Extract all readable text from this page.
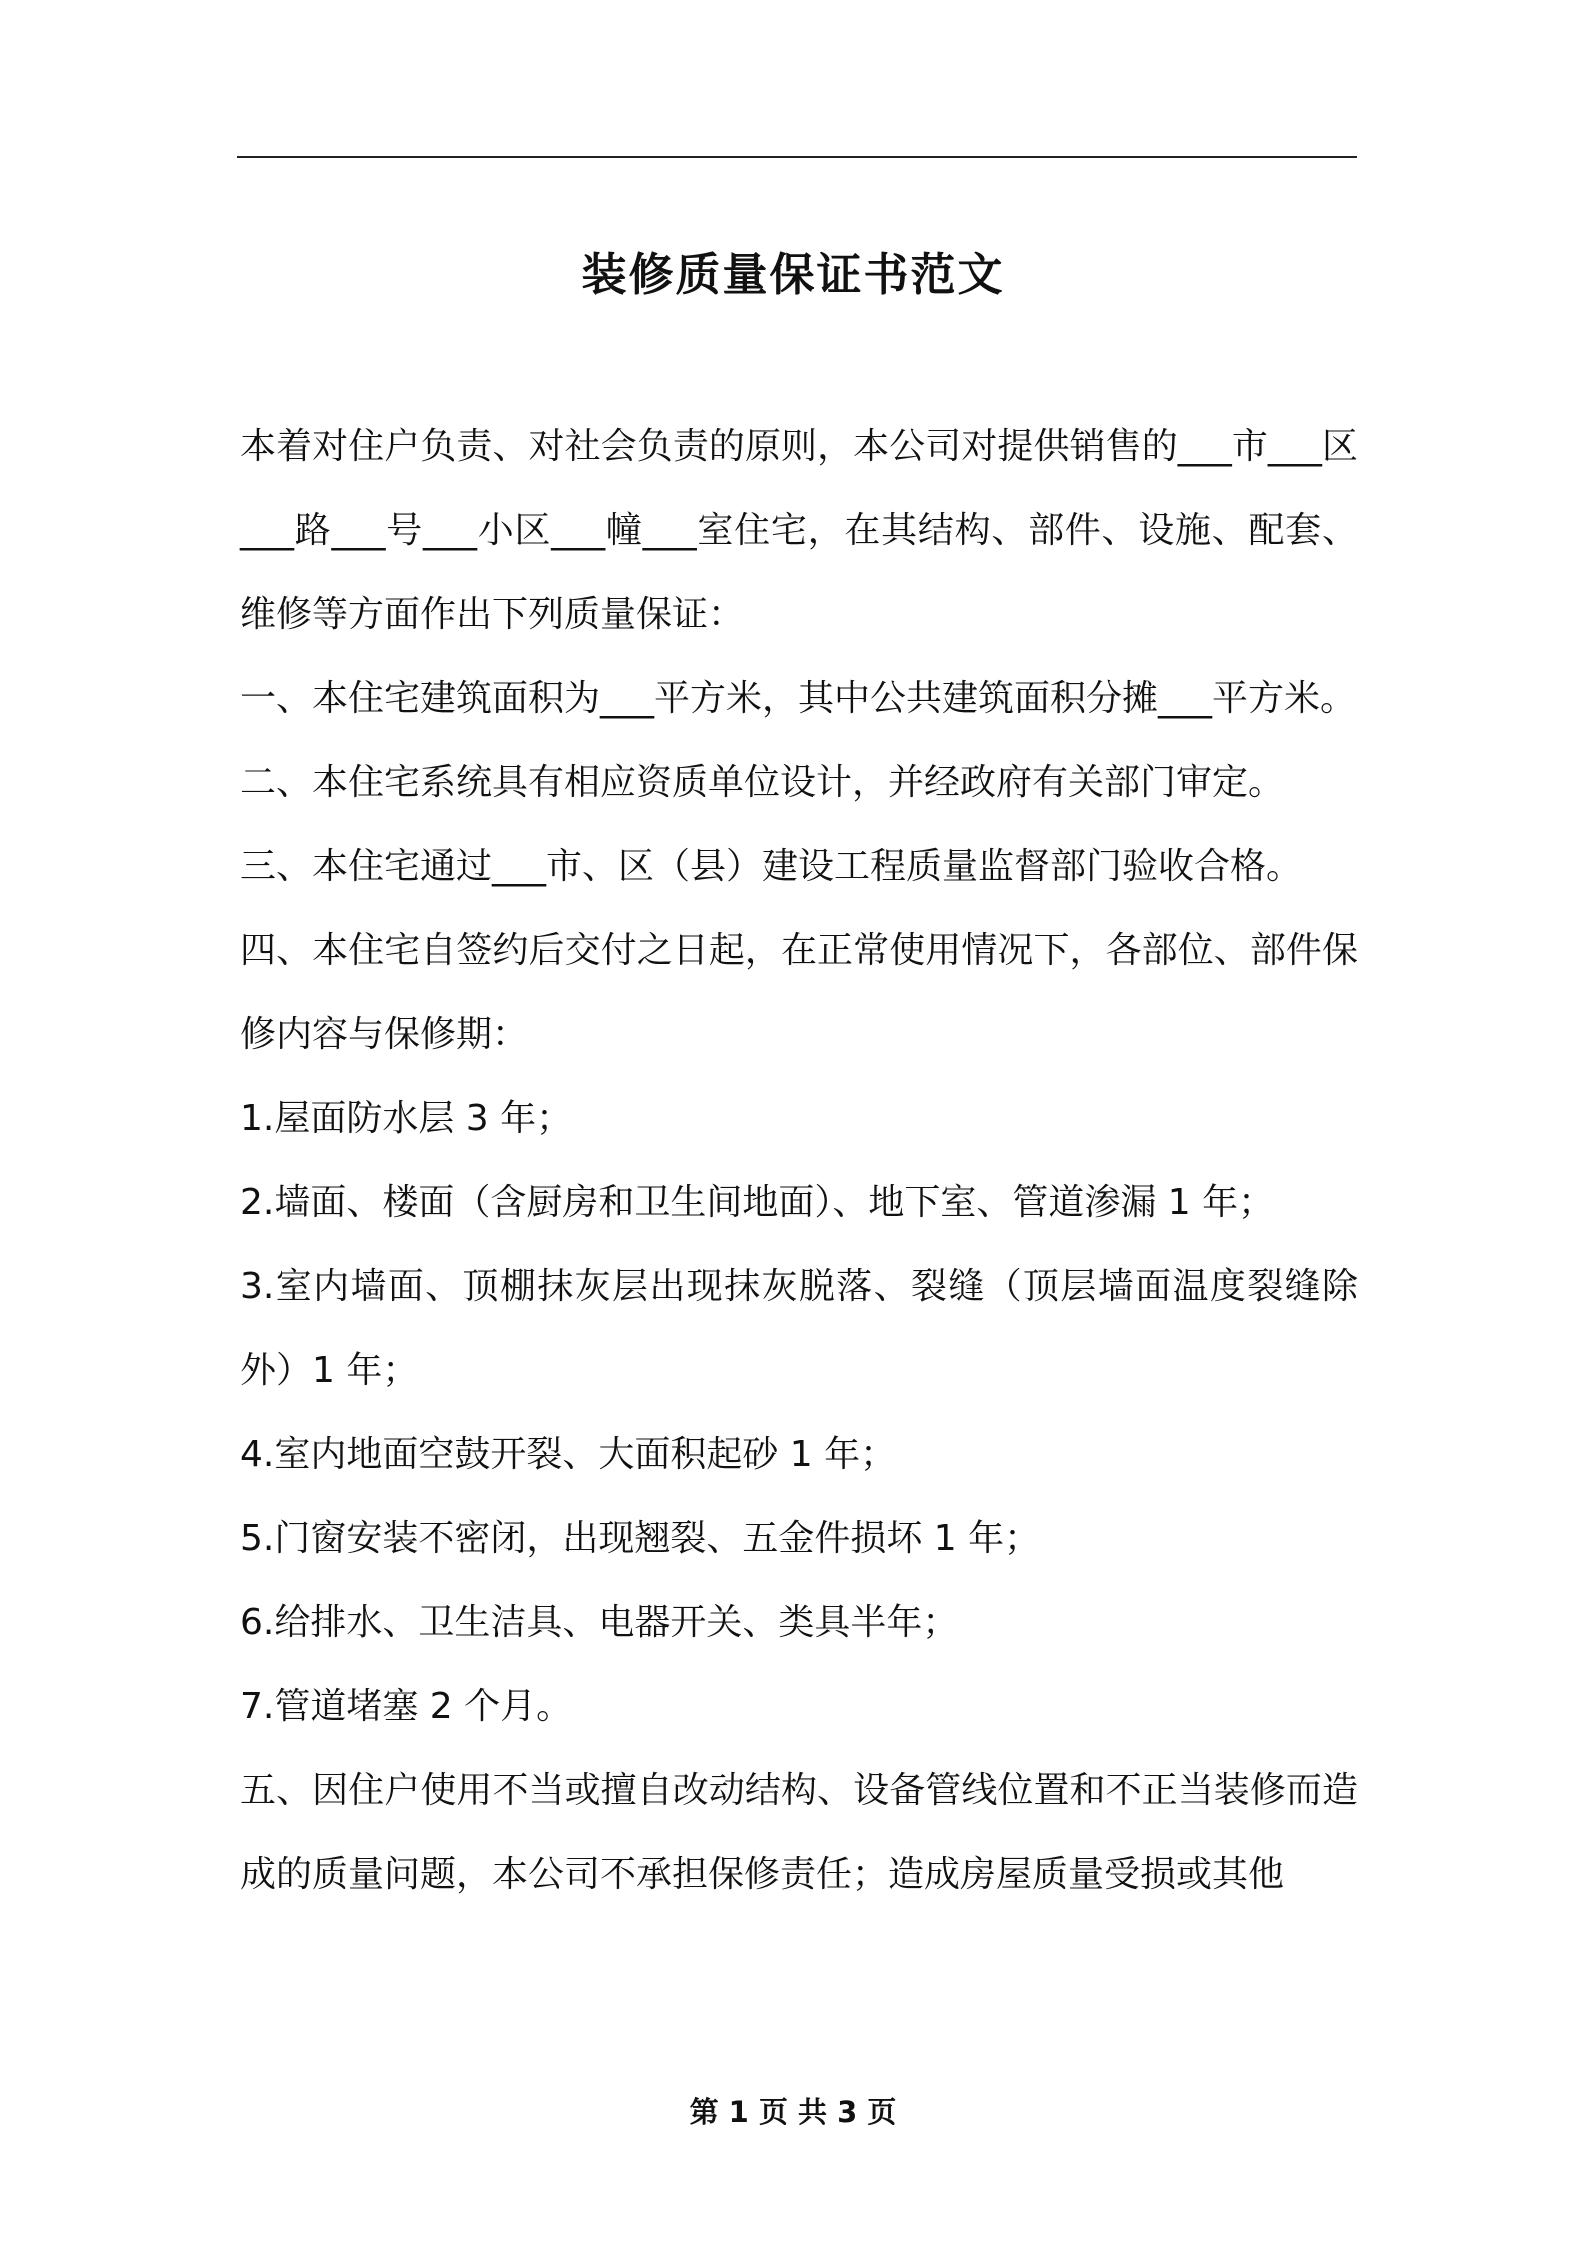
装修质量保证书范文

本着对住户负责、对社会负责的原则，本公司对提供销售的___市___区___路___号___小区___幢___室住宅，在其结构、部件、设施、配套、维修等方面作出下列质量保证：

一、本住宅建筑面积为___平方米，其中公共建筑面积分摊___平方米。

二、本住宅系统具有相应资质单位设计，并经政府有关部门审定。

三、本住宅通过___市、区（县）建设工程质量监督部门验收合格。

四、本住宅自签约后交付之日起，在正常使用情况下，各部位、部件保修内容与保修期：

1.屋面防水层 3 年；

2.墙面、楼面（含厨房和卫生间地面）、地下室、管道渗漏 1 年；

3.室内墙面、顶棚抹灰层出现抹灰脱落、裂缝（顶层墙面温度裂缝除外）1 年；

4.室内地面空鼓开裂、大面积起砂 1 年；

5.门窗安装不密闭，出现翘裂、五金件损坏 1 年；

6.给排水、卫生洁具、电器开关、类具半年；

7.管道堵塞 2 个月。

五、因住户使用不当或擅自改动结构、设备管线位置和不正当装修而造成的质量问题，本公司不承担保修责任；造成房屋质量受损或其他

第 1 页 共 3 页
